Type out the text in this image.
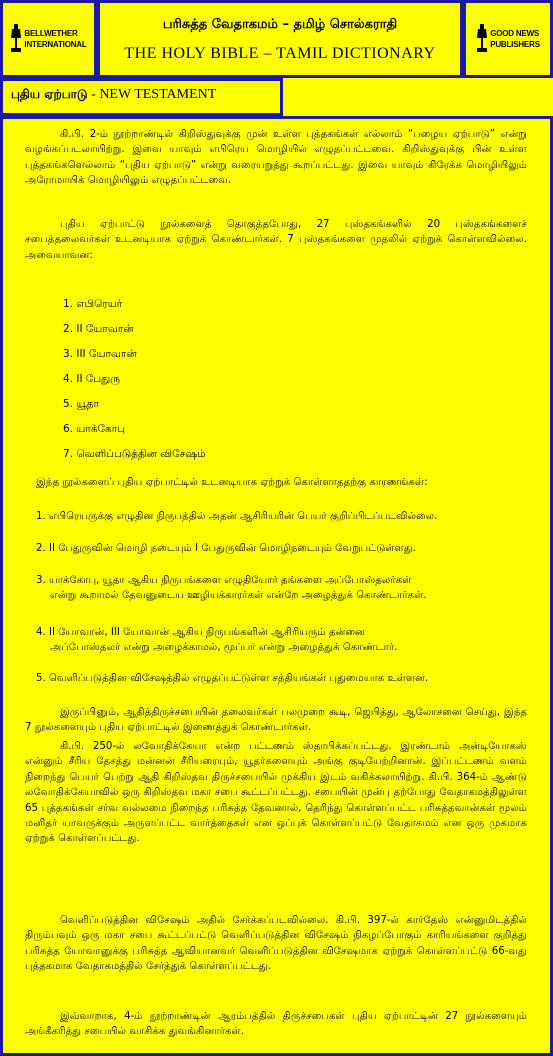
BELLWETHER
INTERNATIONAL
பரிசுத்த வேதாகமம் – தமிழ் சொல்கராதி
THE HOLY BIBLE – TAMIL DICTIONARY
GOOD NEWS
PUBLISHERS
புதிய ஏற்பாடு - NEW TESTAMENT

கி.பி. 2-ம் நூற்றாண்டில் கிறிஸ்துவுக்கு முன் உள்ள புத்தகங்கள் எல்லாம் “பழைய ஏற்பாடு” என்று வழங்கப்படலாயிற்று. இவை யாவும் எபிரெய மொழியில் எழுதப்பட்டவை. கிறிஸ்துவுக்கு பின் உள்ள புத்தகங்களெல்லாம் “புதிய ஏற்பாடு” என்று வரையறுத்து கூறப்பட்டது. இவை யாவும் கிரேக்க மொழியிலும் அரோமாயிக் மொழியிலும் எழுதப்பட்டவை.

புதிய ஏற்பாட்டு நூல்களைத் தொகுத்தபோது, 27 புஸ்தகங்களில் 20 புஸ்தகங்களைச் சபைத்தலைவர்கள் உடனடியாக ஏற்றுக் கொண்டார்கள். 7 புஸ்தகங்களை முதலில் ஏற்றுக் கொள்ளவில்லை. அவையாவன:

1. எபிரெயர்
2. II யோவான்
3. III யோவான்
4. II பேதுரு
5. யூதா
6. யாக்கோபு
7. வெளிப்படுத்தின விசேஷம்

இந்த நூல்களைப் புதிய ஏற்பாட்டில் உடனடியாக ஏற்றுக் கொள்ளாததற்கு காரணங்கள்:

1. எபிரெயருக்கு எழுதின நிருபத்தில் அதன் ஆசிரியரின் பெயர் குறிப்பிடப்படவில்லை.

2. II பேதுருவின் மொழி நடையும் I பேதுருவின் மொழிநடையும் வேறுபட்டுள்ளது.

3. யாக்கோபு, யூதா ஆகிய நிருபங்களை எழுதியோர் தங்களை அப்போஸ்தலர்கள்
என்று கூறாமல் தேவனுடைய ஊழியக்காரர்கள் என்றே அழைத்துக் கொண்டார்கள்.

4. II யோவான், III யோவான் ஆகிய நிருபங்களின் ஆசிரியரும் தன்னை
அப்போஸ்தலர் என்று அழைக்காமல், மூப்பர் என்று அழைத்துக் கொண்டார்.

5. வெளிப்படுத்தின விசேஷத்தில் எழுதப்பட்டுள்ள சத்தியங்கள் புதுமையாக உள்ளன.

இருப்பினும், ஆதித்திருச்சபையின் தலைவர்கள் பலமுறை கூடி, ஜெபித்து, ஆலோசனை செய்து, இந்த 7 நூல்களையும் புதிய ஏற்பாட்டில் இணைத்துக் கொண்டார்கள்.

கி.பி. 250-ல் லவோதிக்கேயா என்ற பட்டணம் ஸ்தாபிக்கப்பட்டது. இரண்டாம் அன்டியோகஸ் என்னும் சீரிய தேசத்து மன்னன் சீரியரையும், யூதர்களையும் அங்கு குடியேற்றினான். இப்பட்டணம் வளம் நிறைந்து பெயர் பெற்று ஆதி கிறிஸ்தவ திருச்சபையில் முக்கிய இடம் வகிக்கலாயிற்று. கி.பி. 364-ம் ஆண்டு லவோதிக்கேயாவில் ஒரு கிறிஸ்தவ மகா சபை கூட்டப்பட்டது. சபையின் முன்பு தற்போது வேதாகமத்திலுள்ள 65 புத்தகங்கள் சர்வ வல்லமை நிறைந்த பரிசுத்த தேவனால், தெரிந்து கொள்ளப்பட்ட பரிசுத்தவான்கள் மூலம் மனிதர் யாவருக்கும் அருளப்பட்ட வார்த்தைகள் என ஒப்புக் கொள்ளப்பட்டு வேதாகமம் என ஒரு முகமாக ஏற்றுக் கொள்ளப்பட்டது.

வெளிப்படுத்தின விசேஷம் அதில் சேர்க்கப்படவில்லை. கி.பி. 397-ல் கார்தேஸ் என்னுமிடத்தில் திரும்பவும் ஒரு மகா சபை கூட்டப்பட்டு வெளிப்படுத்தின விசேஷம் நிகழப்போகும் காரியங்களை குறித்து பரிசுத்த யோவானுக்கு பரிசுத்த ஆவியானவர் வெளிப்படுத்தின விசேஷமாக ஏற்றுக் கொள்ளப்பட்டு 66-வது புத்தகமாக வேதாகமத்தில் சேர்த்துக் கொள்ளப்பட்டது.

இவ்வாறாக, 4-ம் நூற்றாண்டின் ஆரம்பத்தில் திருச்சபைகள் புதிய ஏற்பாட்டின் 27 நூல்களையும் அங்கீகரித்து சபையில் வாசிக்க துவங்கினார்கள்.
